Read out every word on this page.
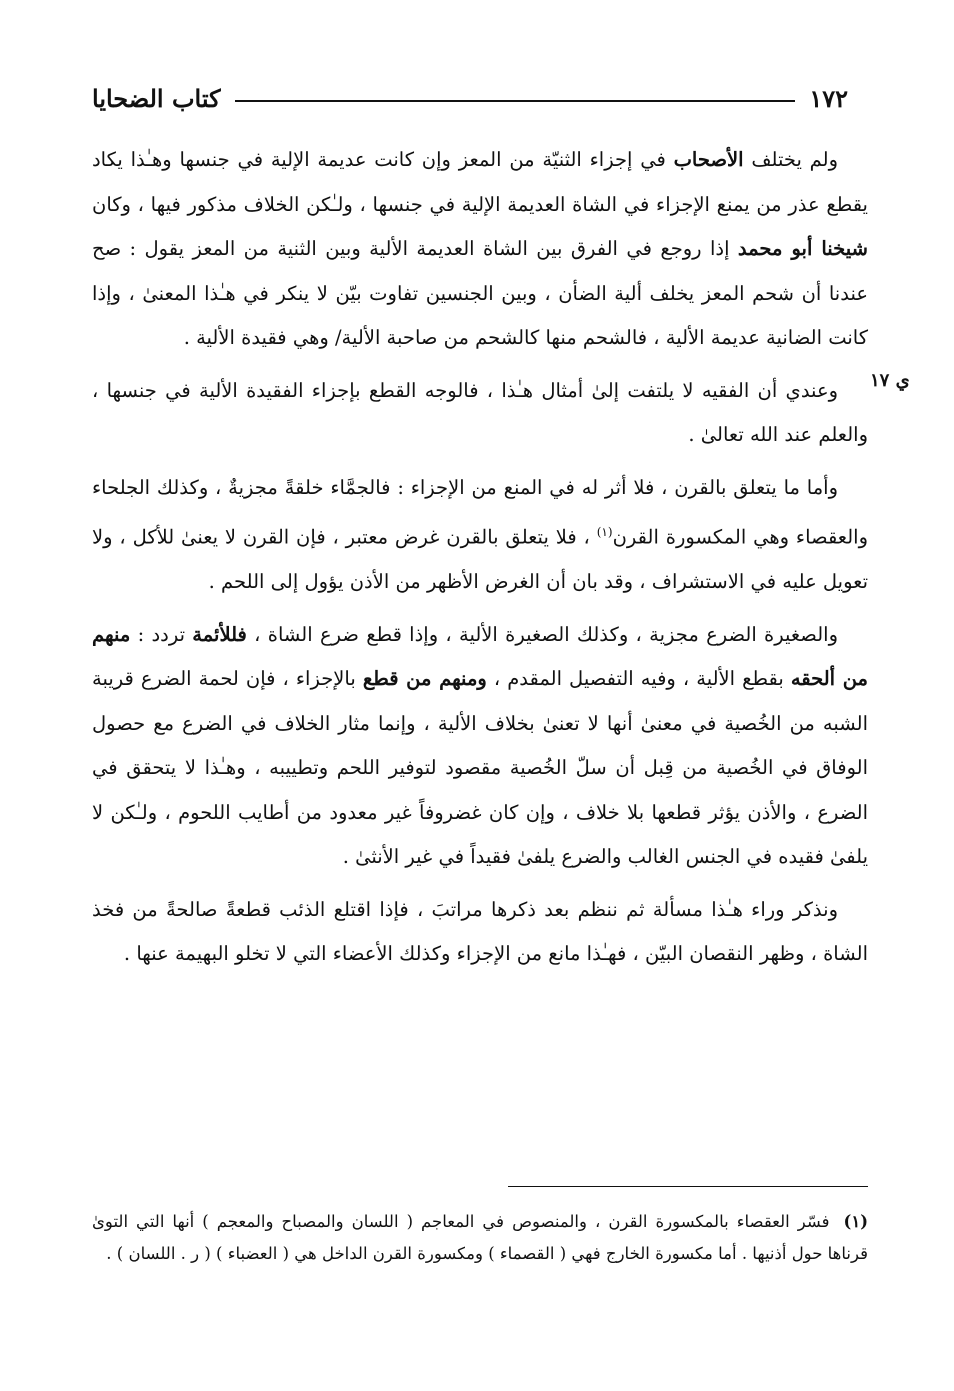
١٧٢
كتاب الضحايا
ي ١٧

ولم يختلف الأصحاب في إجزاء الثنيّة من المعز وإن كانت عديمة الإلية في جنسها وهـٰذا يكاد يقطع عذر من يمنع الإجزاء في الشاة العديمة الإلية في جنسها ، ولـٰكن الخلاف مذكور فيها ، وكان شيخنا أبو محمد إذا روجع في الفرق بين الشاة العديمة الألية وبين الثنية من المعز يقول : صح عندنا أن شحم المعز يخلف ألية الضأن ، وبين الجنسين تفاوت بيّن لا ينكر في هـٰذا المعنىٰ ، وإذا كانت الضانية عديمة الألية ، فالشحم منها كالشحم من صاحبة الألية/ وهي فقيدة الألية .

وعندي أن الفقيه لا يلتفت إلىٰ أمثال هـٰذا ، فالوجه القطع بإجزاء الفقيدة الألية في جنسها ، والعلم عند الله تعالىٰ .

وأما ما يتعلق بالقرن ، فلا أثر له في المنع من الإجزاء : فالجمَّاء خلقةً مجزيةٌ ، وكذلك الجلحاء والعقصاء وهي المكسورة القرن$^{(١)}$ ، فلا يتعلق بالقرن غرض معتبر ، فإن القرن لا يعنىٰ للأكل ، ولا تعويل عليه في الاستشراف ، وقد بان أن الغرض الأظهر من الأذن يؤول إلى اللحم .

والصغيرة الضرع مجزية ، وكذلك الصغيرة الألية ، وإذا قطع ضرع الشاة ، فللأئمة تردد : منهم من ألحقه بقطع الألية ، وفيه التفصيل المقدم ، ومنهم من قطع بالإجزاء ، فإن لحمة الضرع قريبة الشبه من الخُصية في معنىٰ أنها لا تعنىٰ بخلاف الألية ، وإنما مثار الخلاف في الضرع مع حصول الوفاق في الخُصية من قِبل أن سلّ الخُصية مقصود لتوفير اللحم وتطييبه ، وهـٰذا لا يتحقق في الضرع ، والأذن يؤثر قطعها بلا خلاف ، وإن كان غضروفاً غير معدود من أطايب اللحوم ، ولـٰكن لا يلفىٰ فقيده في الجنس الغالب والضرع يلفىٰ فقيداً في غير الأنثىٰ .

ونذكر وراء هـٰذا مسألة ثم ننظم بعد ذكرها مراتبَ ، فإذا اقتلع الذئب قطعةً صالحةً من فخذ الشاة ، وظهر النقصان البيّن ، فهـٰذا مانع من الإجزاء وكذلك الأعضاء التي لا تخلو البهيمة عنها .

(١)فسّر العقصاء بالمكسورة القرن ، والمنصوص في المعاجم ( اللسان والمصباح والمعجم ) أنها التي التوىٰ قرناها حول أذنيها . أما مكسورة الخارج فهي ( القصماء ) ومكسورة القرن الداخل هي ( العضباء ) ( ر . اللسان ) .
